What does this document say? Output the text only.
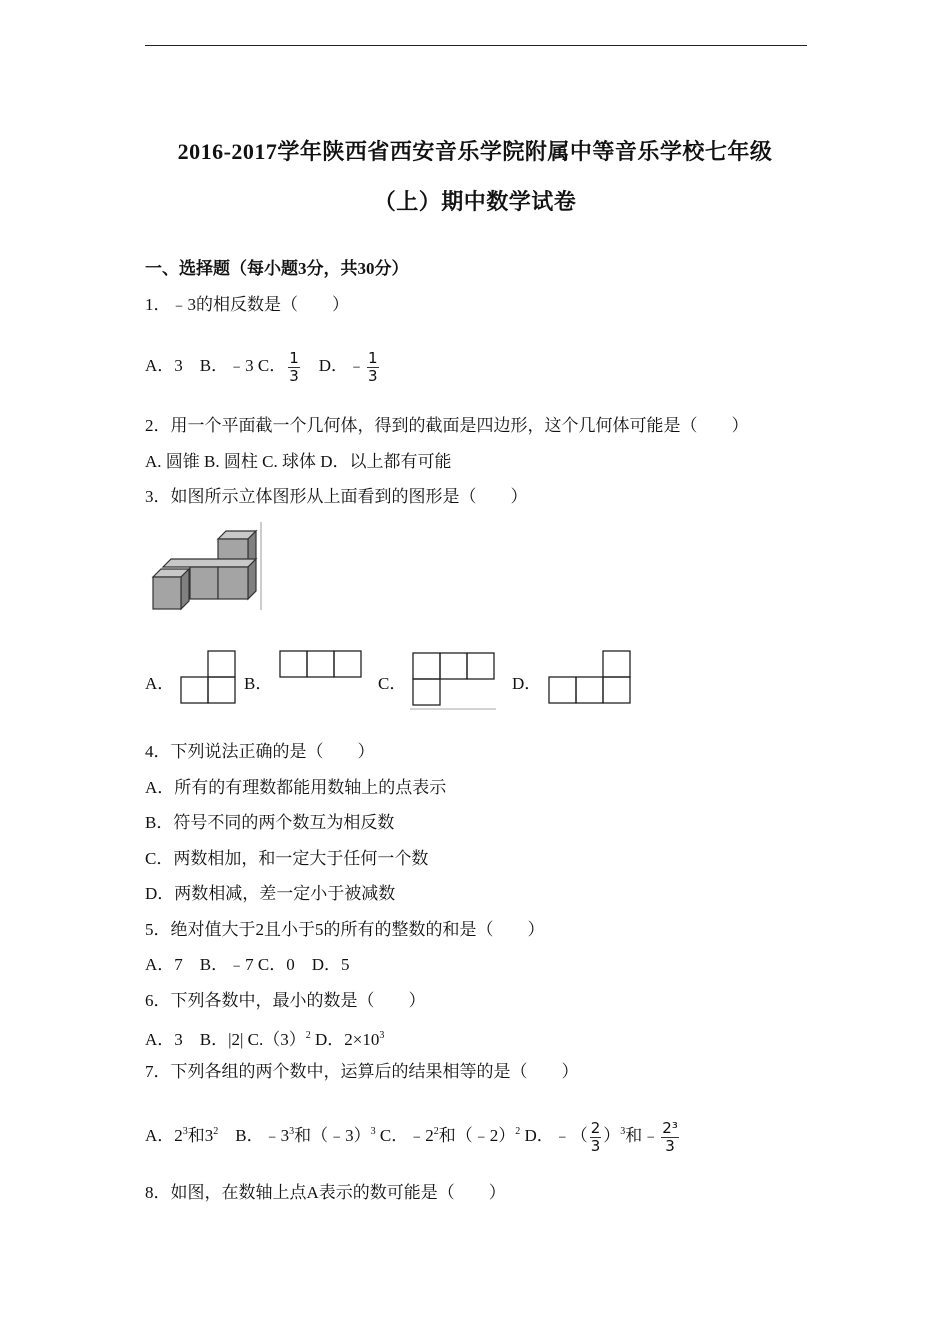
2016-2017学年陕西省西安音乐学院附属中等音乐学校七年级
（上）期中数学试卷
一、选择题（每小题3分，共30分）
1．﹣3的相反数是（　　）
A．3　B．﹣3 C． $\frac{1}{3}$ 　D．﹣ $\frac{1}{3}$
2．用一个平面截一个几何体，得到的截面是四边形，这个几何体可能是（　　）
A. 圆锥 B. 圆柱 C. 球体 D．以上都有可能
3．如图所示立体图形从上面看到的图形是（　　）
A．	B．	C．	D．
4．下列说法正确的是（　　）
A．所有的有理数都能用数轴上的点表示
B．符号不同的两个数互为相反数
C．两数相加，和一定大于任何一个数
D．两数相减，差一定小于被减数
5．绝对值大于2且小于5的所有的整数的和是（　　）
A．7　B．﹣7 C．0　D．5
6．下列各数中，最小的数是（　　）
A．3　B．|2| $C.(3)^2$ D．$2\times 10^3$
7．下列各组的两个数中，运算后的结果相等的是（　　）
A．$2^3$和$3^2$　B．$﹣3^3$和（﹣3）$^3$ C．$﹣2^2$和（﹣2）$^2$ D．﹣（ $\frac{2}{3} )^3$和﹣ $\frac{\text{2³}}{3}$
8．如图，在数轴上点A表示的数可能是（　　）
